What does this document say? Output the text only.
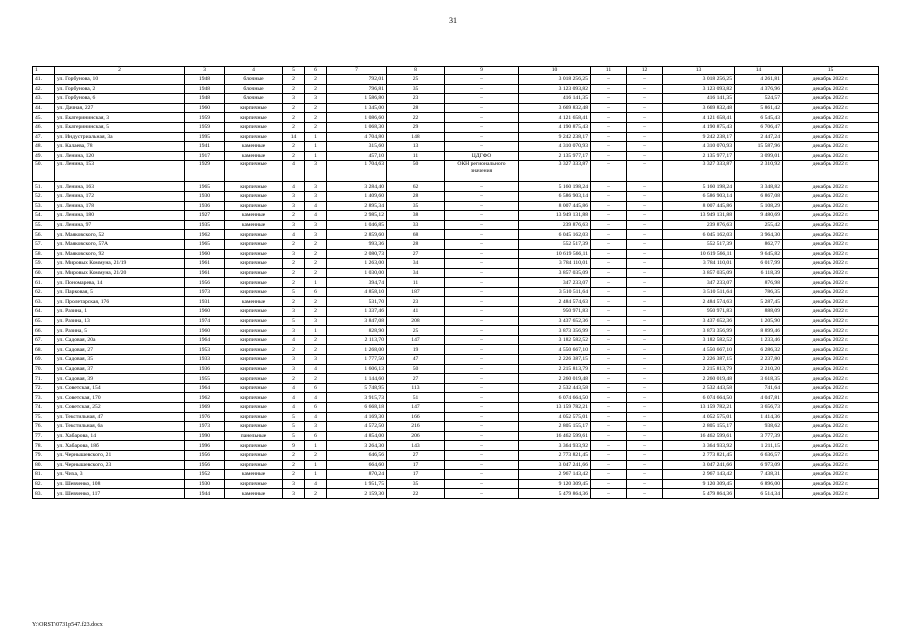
31
1	2	3	4	5	6	7	8	9	10	11	12	13	14	15
41.	ул. Горбунова, 10	1948	блочные	2	2	792,01	25	–	3 018 256,25	–	–	3 018 256,25	4 261,81	декабрь 2022 г.
42.	ул. Горбунова, 2	1948	блочные	2	2	796,81	35	–	3 123 093,82	–	–	3 123 093,82	4 376,96	декабрь 2022 г.
43.	ул. Горбунова, 6	1948	блочные	3	3	1 586,80	23	–	416 141,35	–	–	416 141,35	524,57	декабрь 2022 г.
44.	ул. Дачная, 227	1960	кирпичные	2	2	1 345,00	28	–	3 669 832,48	–	–	3 669 832,48	5 861,42	декабрь 2022 г.
45.	ул. Екатерининская, 3	1959	кирпичные	2	2	1 086,60	22	–	4 121 658,41	–	–	4 121 658,41	6 545,43	декабрь 2022 г.
46.	ул. Екатерининская, 5	1959	кирпичные	2	2	1 068,30	29	–	4 190 875,43	–	–	4 190 875,43	6 706,47	декабрь 2022 г.
47.	ул. Индустриальная, 3а	1995	кирпичные	14	1	4 704,80	148	–	9 242 238,17	–	–	9 242 238,17	2 447,24	декабрь 2022 г.
48.	ул. Калаева, 78	1941	каменные	2	1	315,60	13	–	4 310 070,93	–	–	4 310 070,93	15 587,96	декабрь 2022 г.
49.	ул. Ленина, 120	1917	каменные	2	1	457,10	11	ЦДГФО	2 135 977,17	–	–	2 135 977,17	3 099,01	декабрь 2022 г.
50.	ул. Ленина, 153	1929	кирпичные	4	3	1 704,63	50	ОКН регионального значения	3 327 333,87	–	–	3 327 333,87	2 310,92	декабрь 2022 г.
51.	ул. Ленина, 163	1965	кирпичные	4	3	3 284,40	62	–	5 160 198,24	–	–	5 160 198,24	3 348,82	декабрь 2022 г.
52.	ул. Ленина, 172	1930	кирпичные	3	3	1 409,60	28	–	6 586 903,14	–	–	6 586 903,14	6 867,08	декабрь 2022 г.
53.	ул. Ленина, 178	1936	кирпичные	3	4	2 895,34	35	–	8 007 445,86	–	–	8 007 445,86	5 108,29	декабрь 2022 г.
54.	ул. Ленина, 180	1927	каменные	2	4	2 985,12	38	–	13 949 131,88	–	–	13 949 131,88	9 480,69	декабрь 2022 г.
55.	ул. Ленина, 97	1935	каменные	3	3	1 046,85	33	–	239 876,63	–	–	239 876,63	255,42	декабрь 2022 г.
56.	ул. Маяковского, 52	1962	кирпичные	4	3	2 859,60	68	–	6 045 162,03	–	–	6 045 162,03	3 964,30	декабрь 2022 г.
57.	ул. Маяковского, 57А	1965	кирпичные	2	2	993,36	28	–	552 517,39	–	–	552 517,39	862,77	декабрь 2022 г.
58.	ул. Маяковского, 92	1960	кирпичные	3	2	2 080,73	27	–	10 619 566,11	–	–	10 619 566,11	9 645,82	декабрь 2022 г.
59.	ул. Мировых Коммуна, 21/19	1961	кирпичные	2	2	1 263,00	34	–	3 784 110,01	–	–	3 784 110,01	6 017,99	декабрь 2022 г.
60.	ул. Мировых Коммуна, 21/20	1961	кирпичные	2	2	1 030,00	34	–	3 857 035,09	–	–	3 857 035,09	6 118,39	декабрь 2022 г.
61.	ул. Пономарева, 14	1956	кирпичные	2	1	394,74	11	–	347 233,07	–	–	347 233,07	876,98	декабрь 2022 г.
62.	ул. Парковая, 5	1973	кирпичные	5	6	4 858,10	187	–	3 510 511,64	–	–	3 510 511,64	786,35	декабрь 2022 г.
63.	ул. Пролетарская, 176	1931	каменные	2	2	531,70	23	–	2 484 574,63	–	–	2 484 574,63	5 287,45	декабрь 2022 г.
64.	ул. Разина, 1	1960	кирпичные	3	2	1 337,46	41	–	950 971,83	–	–	950 971,83	888,09	декабрь 2022 г.
65.	ул. Разина, 13	1974	кирпичные	5	3	3 847,08	208	–	3 437 652,36	–	–	3 437 652,36	1 205,90	декабрь 2022 г.
66.	ул. Разина, 5	1960	кирпичные	3	1	828,90	25	–	3 873 356,99	–	–	3 873 356,99	8 899,46	декабрь 2022 г.
67.	ул. Садовая, 20а	1964	кирпичные	4	2	2 113,70	147	–	3 182 582,52	–	–	3 182 582,52	1 233,46	декабрь 2022 г.
68.	ул. Садовая, 27	1953	кирпичные	2	2	1 268,00	19	–	4 550 667,10	–	–	4 550 667,10	6 286,32	декабрь 2022 г.
69.	ул. Садовая, 35	1933	кирпичные	3	3	1 777,50	47	–	2 226 387,15	–	–	2 226 387,15	2 237,80	декабрь 2022 г.
70.	ул. Садовая, 37	1936	кирпичные	3	4	1 606,13	50	–	2 215 813,79	–	–	2 215 813,79	2 210,20	декабрь 2022 г.
71.	ул. Садовая, 39	1955	кирпичные	2	2	1 144,60	27	–	2 260 019,48	–	–	2 260 019,48	3 618,35	декабрь 2022 г.
72.	ул. Советская, 154	1964	кирпичные	4	6	5 748,95	113	–	2 532 443,58	–	–	2 532 443,58	741,64	декабрь 2022 г.
73.	ул. Советская, 170	1962	кирпичные	4	4	3 915,73	51	–	6 074 664,50	–	–	6 074 664,50	4 047,81	декабрь 2022 г.
74.	ул. Советская, 252	1969	кирпичные	4	6	6 668,18	147	–	13 159 782,21	–	–	13 159 782,21	3 656,73	декабрь 2022 г.
75.	ул. Текстильная, 47	1976	кирпичные	5	4	4 169,30	166	–	4 052 575,01	–	–	4 052 575,01	1 414,36	декабрь 2022 г.
76.	ул. Текстильная, 6а	1973	кирпичные	5	3	4 572,50	216	–	2 805 155,17	–	–	2 805 155,17	938,62	декабрь 2022 г.
77.	ул. Хабарова, 14	1990	панельные	5	6	4 854,00	206	–	16 462 599,61	–	–	16 462 599,61	3 777,39	декабрь 2022 г.
78.	ул. Хабарова, 18б	1996	кирпичные	9	1	3 264,30	143	–	3 364 933,92	–	–	3 364 933,92	1 211,15	декабрь 2022 г.
79.	ул. Чернышевского, 21	1956	кирпичные	2	2	646,56	27	–	2 773 821,45	–	–	2 773 821,45	6 636,57	декабрь 2022 г.
80.	ул. Чернышевского, 23	1956	кирпичные	2	1	664,60	17	–	3 047 241,66	–	–	3 047 241,66	6 973,09	декабрь 2022 г.
81.	ул. Чиха, 3	1952	каменные	2	1	870,24	17	–	2 967 143,42	–	–	2 967 143,42	7 438,31	декабрь 2022 г.
82.	ул. Шевченко, 108	1930	кирпичные	3	4	1 951,75	35	–	9 120 309,45	–	–	9 120 309,45	6 896,00	декабрь 2022 г.
83.	ул. Шевченко, 117	1944	каменные	3	2	2 159,30	22	–	5 479 864,36	–	–	5 479 864,36	6 514,34	декабрь 2022 г.
Y:\ORST\0731p547.f23.docx
